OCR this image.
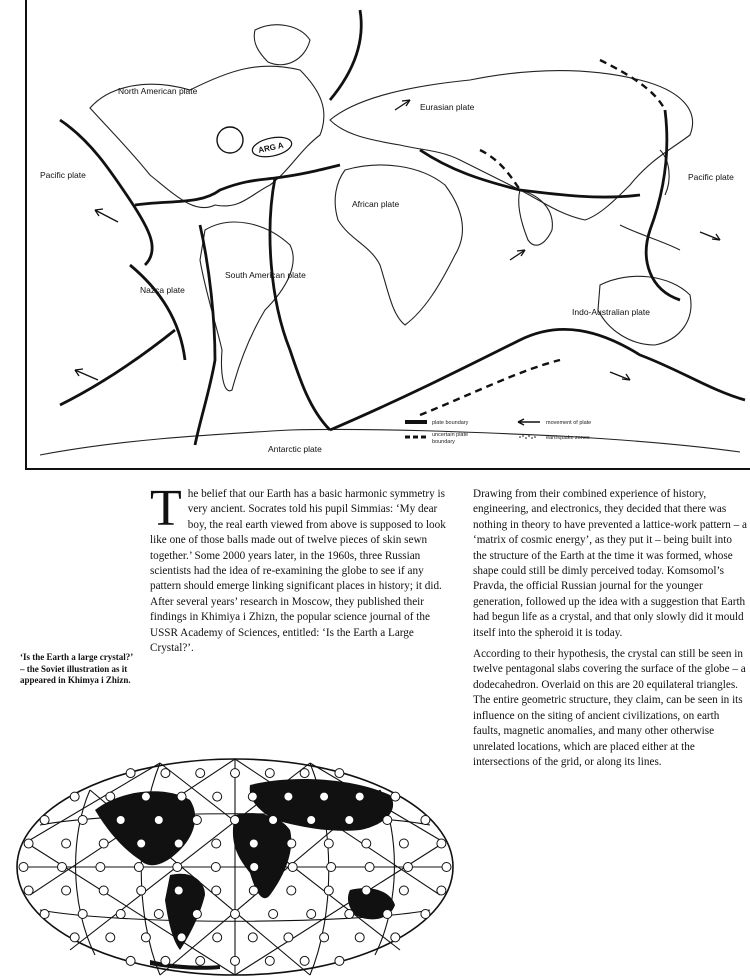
ARG A
North American plate
Eurasian plate
Pacific plate	Pacific plate
African plate
South American plate
Nazca plate
Indo-Australian plate
Antarctic plate
plate boundary
uncertain plate
boundary
movement of plate
earthquake zones

The belief that our Earth has a basic harmonic symmetry is very ancient. Socrates told his pupil Simmias: ‘My dear boy, the real earth viewed from above is supposed to look like one of those balls made out of twelve pieces of skin sewn together.’ Some 2000 years later, in the 1960s, three Russian scientists had the idea of re-examining the globe to see if any pattern should emerge linking significant places in history; it did. After several years’ research in Moscow, they published their findings in Khimiya i Zhizn, the popular science journal of the USSR Academy of Sciences, entitled: ‘Is the Earth a Large Crystal?’.

Drawing from their combined experience of history, engineering, and electronics, they decided that there was nothing in theory to have prevented a lattice-work pattern – a ‘matrix of cosmic energy’, as they put it – being built into the structure of the Earth at the time it was formed, whose shape could still be dimly perceived today. Komsomol’s Pravda, the official Russian journal for the younger generation, followed up the idea with a suggestion that Earth had begun life as a crystal, and that only slowly did it mould itself into the spheroid it is today.

According to their hypothesis, the crystal can still be seen in twelve pentagonal slabs covering the surface of the globe – a dodecahedron. Overlaid on this are 20 equilateral triangles. The entire geometric structure, they claim, can be seen in its influence on the siting of ancient civilizations, on earth faults, magnetic anomalies, and many other otherwise unrelated locations, which are placed either at the intersections of the grid, or along its lines.

‘Is the Earth a large crystal?’ – the Soviet illustration as it appeared in Khimya i Zhizn.
